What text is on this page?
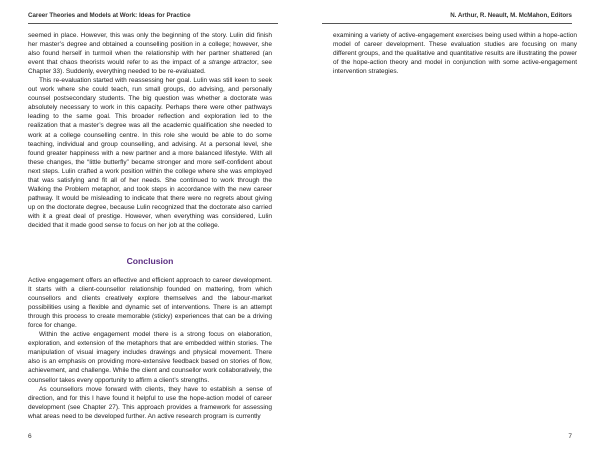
Career Theories and Models at Work: Ideas for Practice

seemed in place. However, this was only the beginning of the story. Lulin did finish her master’s degree and obtained a counselling position in a college; however, she also found herself in turmoil when the relationship with her partner shattered (an event that chaos theorists would refer to as the impact of a strange attractor, see Chapter 33). Suddenly, everything needed to be re-evaluated.

This re-evaluation started with reassessing her goal. Lulin was still keen to seek out work where she could teach, run small groups, do advising, and personally counsel postsecondary students. The big question was whether a doctorate was absolutely necessary to work in this capacity. Perhaps there were other pathways leading to the same goal. This broader reflection and exploration led to the realization that a master’s degree was all the academic qualification she needed to work at a college counselling centre. In this role she would be able to do some teaching, individual and group counselling, and advising. At a personal level, she found greater happiness with a new partner and a more balanced lifestyle. With all these changes, the “little butterfly” became stronger and more self-confident about next steps. Lulin crafted a work position within the college where she was employed that was satisfying and fit all of her needs. She continued to work through the Walking the Problem metaphor, and took steps in accordance with the new career pathway. It would be misleading to indicate that there were no regrets about giving up on the doctorate degree, because Lulin recognized that the doctorate also carried with it a great deal of prestige. However, when everything was considered, Lulin decided that it made good sense to focus on her job at the college.

Conclusion

Active engagement offers an effective and efficient approach to career development. It starts with a client-counsellor relationship founded on mattering, from which counsellors and clients creatively explore themselves and the labour-market possibilities using a flexible and dynamic set of interventions. There is an attempt through this process to create memorable (sticky) experiences that can be a driving force for change.

Within the active engagement model there is a strong focus on elaboration, exploration, and extension of the metaphors that are embedded within stories. The manipulation of visual imagery includes drawings and physical movement. There also is an emphasis on providing more-extensive feedback based on stories of flow, achievement, and challenge. While the client and counsellor work collaboratively, the counsellor takes every opportunity to affirm a client’s strengths.

As counsellors move forward with clients, they have to establish a sense of direction, and for this I have found it helpful to use the hope-action model of career development (see Chapter 27). This approach provides a framework for assessing what areas need to be developed further. An active research program is currently

6
N. Arthur, R. Neault, M. McMahon, Editors

examining a variety of active-engagement exercises being used within a hope-action model of career development. These evaluation studies are focusing on many different groups, and the qualitative and quantitative results are illustrating the power of the hope-action theory and model in conjunction with some active-engagement intervention strategies.

7
